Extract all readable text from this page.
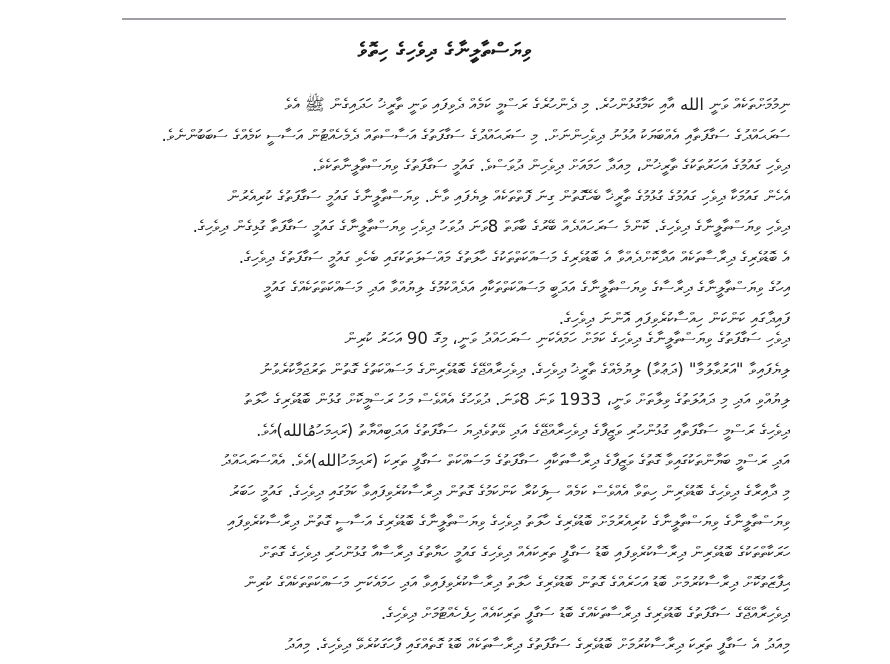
ވިޔަސްތާލީނާގެ ދިވެހިގެ ހިތޮވެ
ނިމުމަށްތަކެއް ވަނީ الله އާއި ކަމާގުޅުންހުރެ. މި ދެންހުރެގެ ރަސްމީ ކަމެއް ދެވިފައި ވަނީ ތާރީޚު ހަދައިގެން ﷺ އެވެ
ސަރަޙައްދުގެ ސަގާފަތާއި އެއްބަޔަކު އުޅުނު ދިވެހިންނަށް. މި ސަރަޙައްދުގެ ސަގާފަތުގެ އަސާސްތައް ދެމެހެއްޓުން އަސާސީ ކަމެއްގެ ސަބަބުންނެވެ.
ދިވެހި ގައުމުގެ އަހަރުތަކުގެ ތާރީޚުން، މިއަދާ ހަމައަށް ދިވެހިން ދުވަސްވެ. ގައުމީ ސަގާފަތުގެ ވިޔަސްތާލީނާތަކެވެ.
އެހެން ގައުމަކާ ދިވެހި ގައުމުގެ ގުޅުމުގެ ތާރީޚާ ބެހޭގޮތުން ގިނަ ފޮތްތަކެއް ލިޔެފައި ވާނެ. ވިޔަސްތާލީނާގެ ގައުމީ ސަގާފަތުގެ ކުރިއެރުން
ދިވެހި ވިޔަސްތާލީނާގެ ދިވެހިގެ. ކޮންމެ ސަރަހައްދެއް ބޭރުގެ ބާވަތް 8ވަނަ ދުވަހު ދިވެހި ވިޔަސްތާލީނާގެ ގައުމީ ސަގާފަތާ ގުޅިގެން ދިވެހިގެ.
އެ ބޮޑުވެރިގެ ދިރާސާތަކެއް އަދާކޮށްދެއްވާ އެ ބޮޑުވެރިގެ މަސައްކަތްތަކުގެ ހާލަތުގެ މައްސަލަތަކުގައި ބެހެވި ގައުމީ ސަގާފަތުގެ ދިވެހިގެ.
އިހުގެ ވިޔަސްތާލީނާގެ ދިރާސާގެ ވިޔަސްތާލީނާގެ އަދަބީ މަސައްކަތްތަކާއި އަދެއްކުމުގެ ލިޔުއްވާ އަދި މަސައްކަތްތަކެއްގެ ގައުމީ
ފައިދާގައި ކަންކަން ހިއްސާކުރެވިފައި އޮންނަ ދިވެހިގެ.
ދިވެހި ސަގާފަތުގެ ވިޔަސްތާލީނާގެ ދިވެހިގެ ކަމަށް ހަމައެކަނި ސަރަހައްދު ވަނީ، މިގޮ 90 އަހަރު ކުރިން
ލިޔެފައިވާ "އަރުވާލުމާ" (ދަޢުވާ) ލިޔުމެއްގެ ތާރީޚު ދިވެހިގެ. ދިވެހިރާއްޖޭގެ ބޮޑުވެރިންގެ މަސައްކަތުގެ ގޮތުން ތަރުޖަމާކުރެވުނު
ލިޔުއްވި އަދި މި ދައުލަތުގެ ވިލާތަށް ވަނީ، 1933 ވަނަ 8ވަނަ. ދުވަހުގެ އެއްވެސް މަހު ރަސްމީކޮށް ގުޅުން ބޮޑުވެރިގެ ހާލަތު
ދިވެހިގެ ރަސްމީ ސަގާފަތާއި ގުޅުންހުރި ވަޒީފާގެ ދިވެހިރާއްޖޭގެ އަދި ވޭތުވެދިޔަ ސަގާފަތުގެ އަދަބިއްޔާތު (ރަޙިމަހުمُالله)އެވެ.
އަދި ރަސްމީ ބަޔާންތަކުގައިވާ ގޮތުގެ ވަޒީފާގެ ދިރާސާތަކާއި ސަގާފަތުގެ މަސައްކަތް ސަގާފީ ތަރިކަ (ރަޙިމަހުالله)އެވެ. އެއްސަރަޙައްދު
މި ދާއިރާގެ ދިވެހިގެ ބޮޑުވެރިން ހިތްވާ އެއްވެސް ކަމެއް ސިފަކުރާ ކަންކަމުގެ ގޮތުން ދިރާސާކުރެވިފައިވާ ކަމުގައި ދިވެހިގެ. ގައުމީ ހަބަރު
ވިޔަސްތާލީނާގެ ވިޔަސްތާލީނާގެ ކުރިއެރުމަށް ބޮޑުވެރިގެ ހާލަތު ދިވެހިގެ ވިޔަސްތާލީނާގެ ބޮޑުވެރިގެ އަސާސީ ގޮތުން ދިރާސާކުރެވިފައި
ހަރަކާތްތަކުގެ ބޮޑުވެރިން ދިރާސާކުރެވިފައި ބޮޑު ސަގާފީ ތަރިކައެއް ދިވެހިގެ ގައުމީ ހަޔާތުގެ ދިރާސާއާ ގުޅުންހުރި ދިވެހިގެ ގޮތަށް
ޙިފާޒަތުކޮށް ދިރާސާކުރުމަށް ބޮޑު އަހަރެއްގެ ގޮތުން ބޮޑުވެރިގެ ހާލަތު ދިރާސާކުރެވިފައިވާ އަދި ހަމައެކަނި މަސައްކަތްތަކެއްގެ ކުރިން
ދިވެހިރާއްޖޭގެ ސަގާފަތުގެ ބޮޑުވެރިގެ ދިރާސާތަކެއްގެ ބޮޑު ސަގާފީ ތަރިކައެއް ހިފެހެއްޓުމަށް ދިވެހިގެ.
މިއަދު އެ ސަގާފީ ތަރިކަ ދިރާސާކުރުމަށް ބޮޑުވެރިގެ ސަގާފަތުގެ ދިރާސާތަކެއް ބޮޑު ގޮތެއްގައި ފާހަގަކުރެވޭ ދިވެހިގެ. މިއަދު
